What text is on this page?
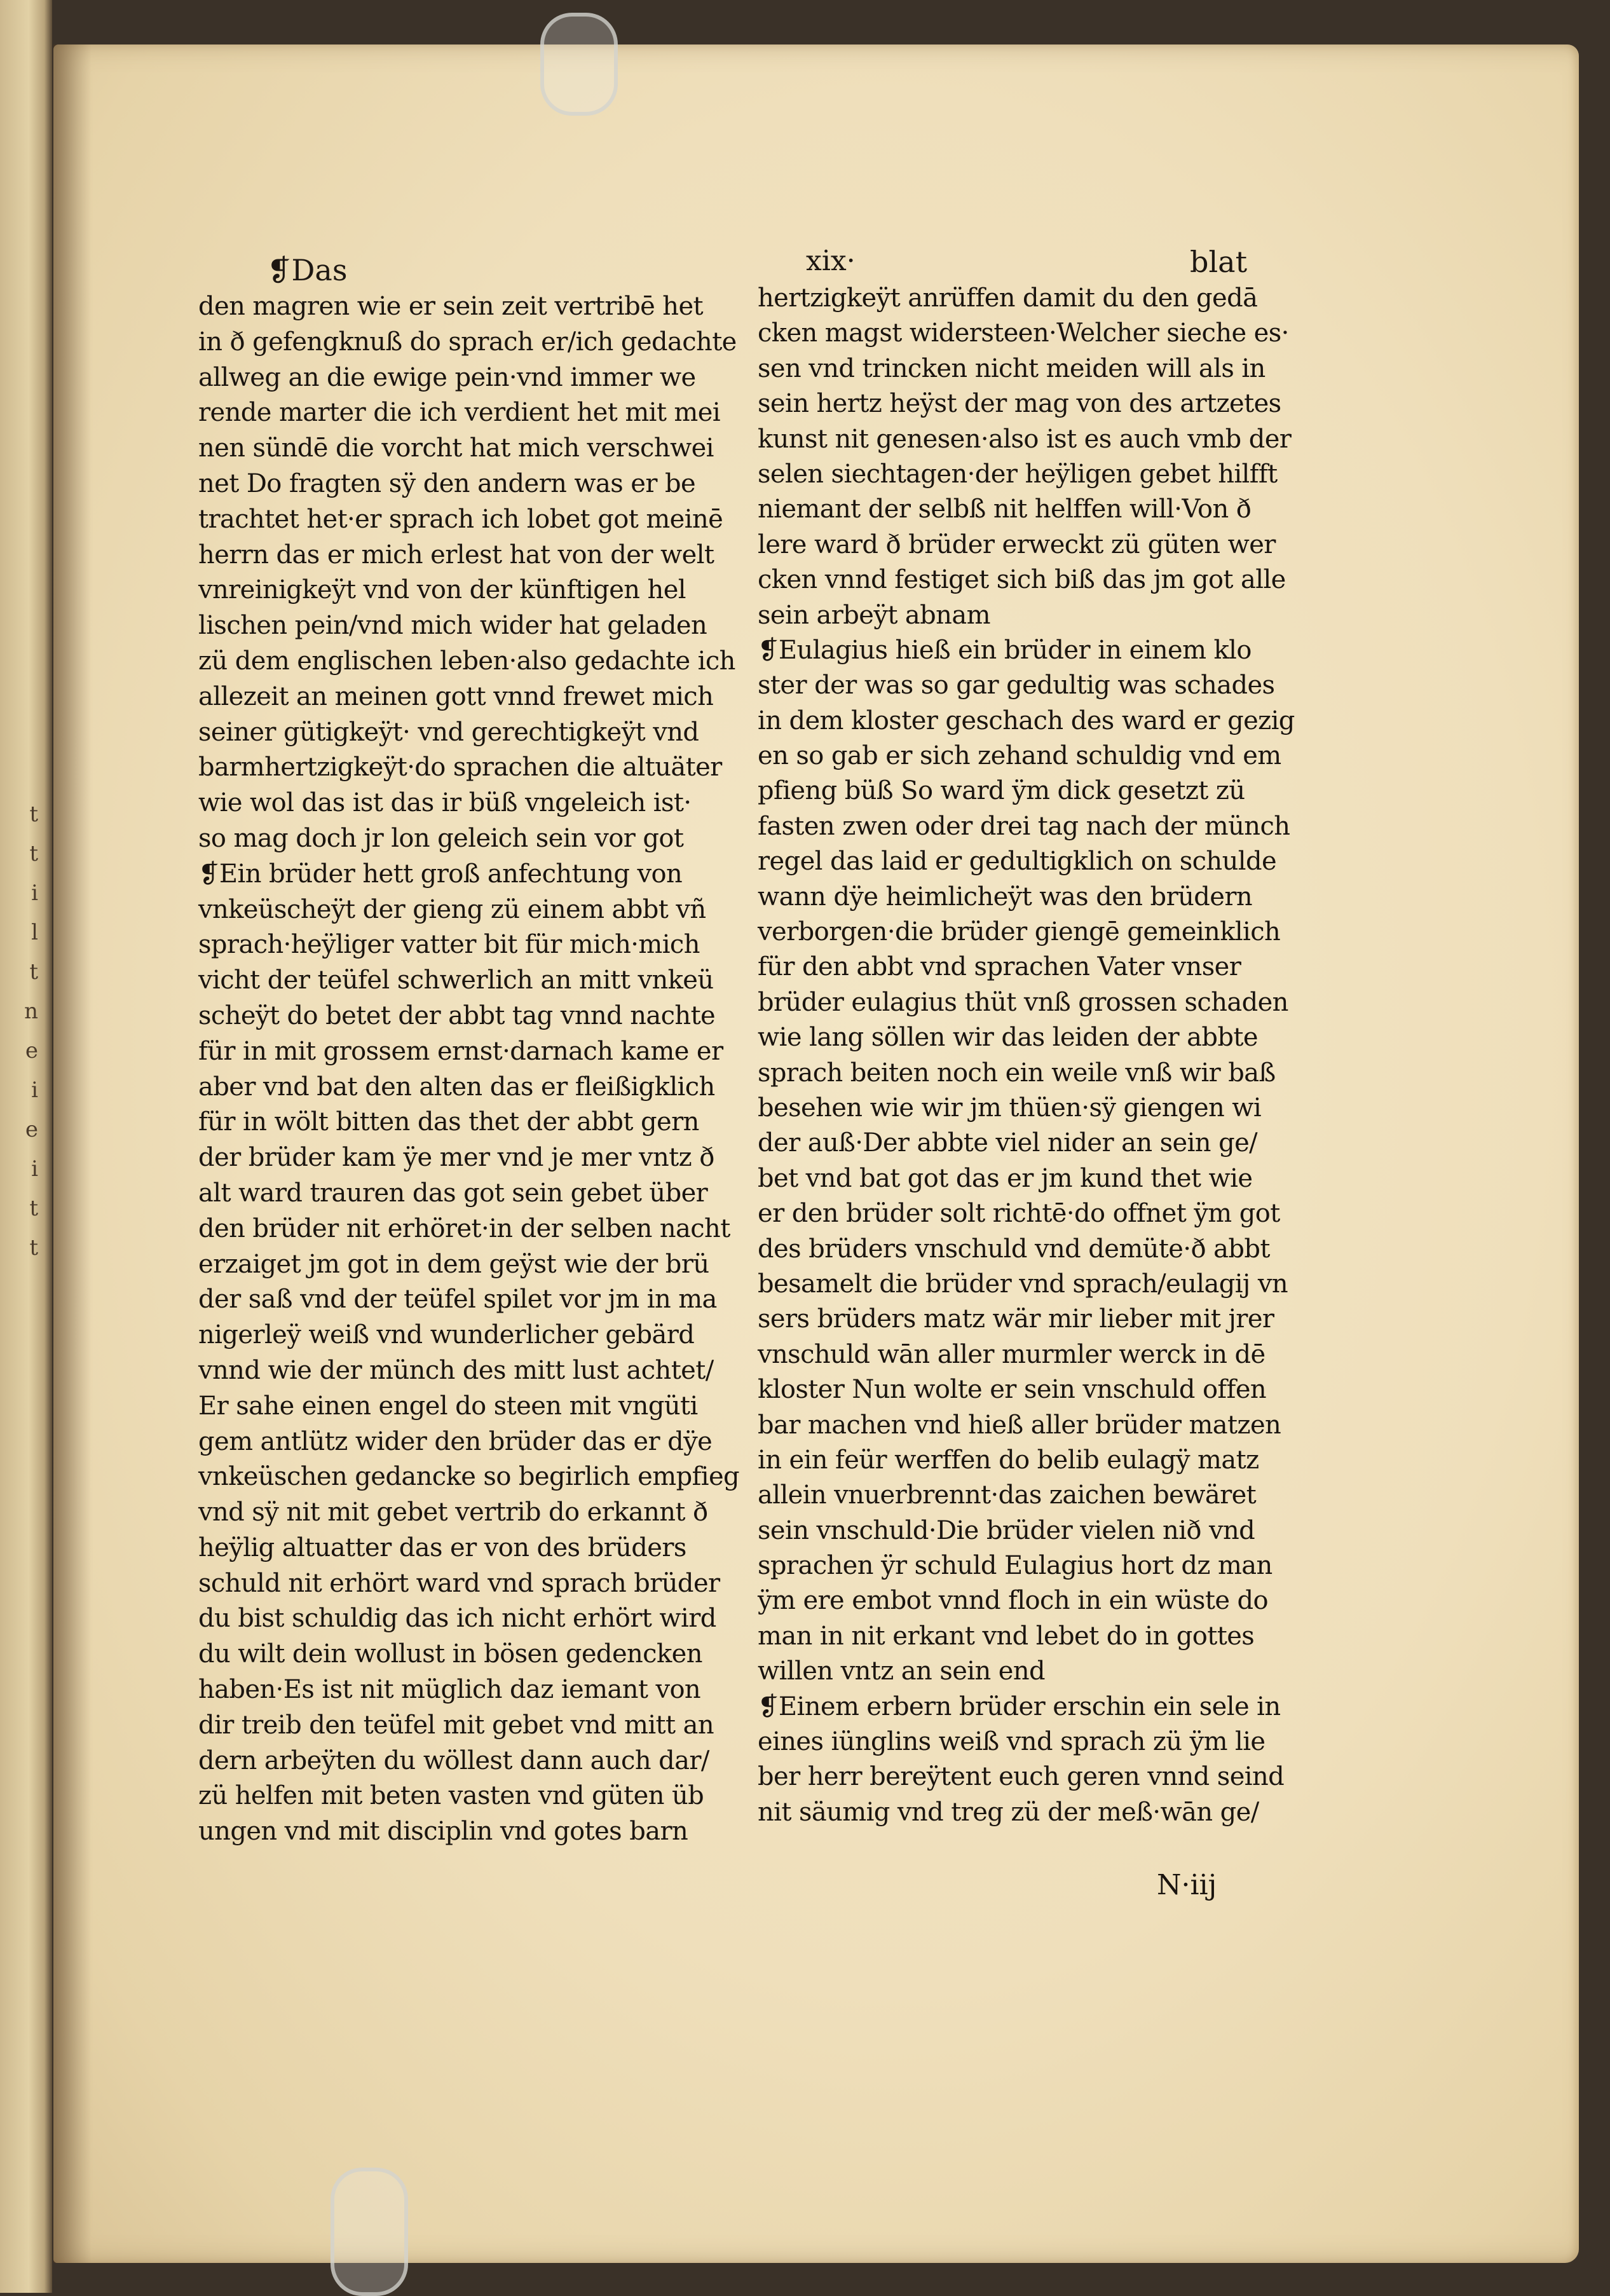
t
t
i
l
t
n
e
i
e
i
t
t
❡Das	xix·	blat
den magren wie er sein zeit vertribē het
in ð gefengknuß do sprach er/ich gedachte
allweg an die ewige pein·vnd immer we
rende marter die ich verdient het mit mei
nen sündē die vorcht hat mich verschwei
net Do fragten sÿ den andern was er be
trachtet het·er sprach ich lobet got meinē
herrn das er mich erlest hat von der welt
vnreinigkeÿt vnd von der künftigen hel
lischen pein/vnd mich wider hat geladen
zü dem englischen leben·also gedachte ich
allezeit an meinen gott vnnd frewet mich
seiner gütigkeÿt· vnd gerechtigkeÿt vnd
barmhertzigkeÿt·do sprachen die altuäter
wie wol das ist das ir büß vngeleich ist·
so mag doch jr lon geleich sein vor got
❡Ein brüder hett groß anfechtung von
vnkeüscheÿt der gieng zü einem abbt vñ
sprach·heÿliger vatter bit für mich·mich
vicht der teüfel schwerlich an mitt vnkeü
scheÿt do betet der abbt tag vnnd nachte
für in mit grossem ernst·darnach kame er
aber vnd bat den alten das er fleißigklich
für in wölt bitten das thet der abbt gern
der brüder kam ÿe mer vnd je mer vntz ð
alt ward trauren das got sein gebet über
den brüder nit erhöret·in der selben nacht
erzaiget jm got in dem geÿst wie der brü
der saß vnd der teüfel spilet vor jm in ma
nigerleÿ weiß vnd wunderlicher gebärd
vnnd wie der münch des mitt lust achtet/
Er sahe einen engel do steen mit vngüti
gem antlütz wider den brüder das er dÿe
vnkeüschen gedancke so begirlich empfieg
vnd sÿ nit mit gebet vertrib do erkannt ð
heÿlig altuatter das er von des brüders
schuld nit erhört ward vnd sprach brüder
du bist schuldig das ich nicht erhört wird
du wilt dein wollust in bösen gedencken
haben·Es ist nit müglich daz iemant von
dir treib den teüfel mit gebet vnd mitt an
dern arbeÿten du wöllest dann auch dar/
zü helfen mit beten vasten vnd güten üb
ungen vnd mit disciplin vnd gotes barn
hertzigkeÿt anrüffen damit du den gedā
cken magst widersteen·Welcher sieche es·
sen vnd trincken nicht meiden will als in
sein hertz heÿst der mag von des artzetes
kunst nit genesen·also ist es auch vmb der
selen siechtagen·der heÿligen gebet hilfft
niemant der selbß nit helffen will·Von ð
lere ward ð brüder erweckt zü güten wer
cken vnnd festiget sich biß das jm got alle
sein arbeÿt abnam
❡Eulagius hieß ein brüder in einem klo
ster der was so gar gedultig was schades
in dem kloster geschach des ward er gezig
en so gab er sich zehand schuldig vnd em
pfieng büß So ward ÿm dick gesetzt zü
fasten zwen oder drei tag nach der münch
regel das laid er gedultigklich on schulde
wann dÿe heimlicheÿt was den brüdern
verborgen·die brüder giengē gemeinklich
für den abbt vnd sprachen Vater vnser
brüder eulagius thüt vnß grossen schaden
wie lang söllen wir das leiden der abbte
sprach beiten noch ein weile vnß wir baß
besehen wie wir jm thüen·sÿ giengen wi
der auß·Der abbte viel nider an sein ge/
bet vnd bat got das er jm kund thet wie
er den brüder solt richtē·do offnet ÿm got
des brüders vnschuld vnd demüte·ð abbt
besamelt die brüder vnd sprach/eulagij vn
sers brüders matz wär mir lieber mit jrer
vnschuld wān aller murmler werck in dē
kloster Nun wolte er sein vnschuld offen
bar machen vnd hieß aller brüder matzen
in ein feür werffen do belib eulagÿ matz
allein vnuerbrennt·das zaichen bewäret
sein vnschuld·Die brüder vielen nið vnd
sprachen ÿr schuld Eulagius hort dz man
ÿm ere embot vnnd floch in ein wüste do
man in nit erkant vnd lebet do in gottes
willen vntz an sein end
❡Einem erbern brüder erschin ein sele in
eines iünglins weiß vnd sprach zü ÿm lie
ber herr bereÿtent euch geren vnnd seind
nit säumig vnd treg zü der meß·wān ge/
N·iij
